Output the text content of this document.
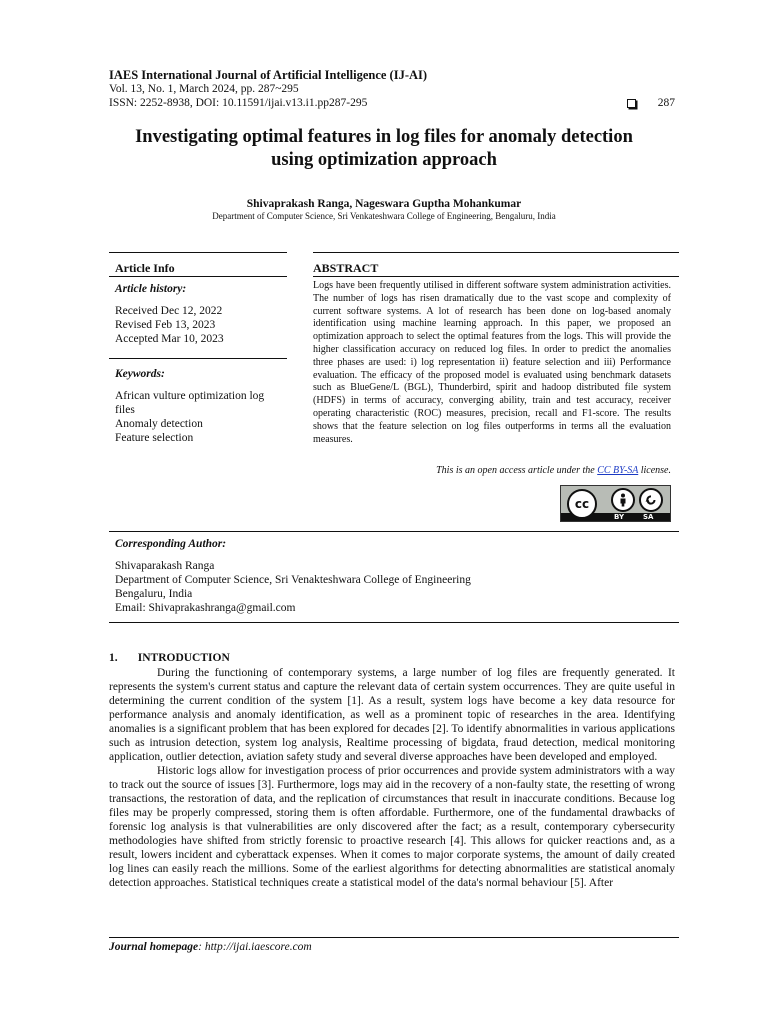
IAES International Journal of Artificial Intelligence (IJ-AI)
Vol. 13, No. 1, March 2024, pp. 287~295
ISSN: 2252-8938, DOI: 10.11591/ijai.v13.i1.pp287-295	287
Investigating optimal features in log files for anomaly detection
using optimization approach
Shivaprakash Ranga, Nageswara Guptha Mohankumar
Department of Computer Science, Sri Venkateshwara College of Engineering, Bengaluru, India
Article Info	ABSTRACT
Article history:
Received Dec 12, 2022
Revised Feb 13, 2023
Accepted Mar 10, 2023
Keywords:
African vulture optimization log
files
Anomaly detection
Feature selection
Logs have been frequently utilised in different software system administration activities. The number of logs has risen dramatically due to the vast scope and complexity of current software systems. A lot of research has been done on log-based anomaly identification using machine learning approach. In this paper, we proposed an optimization approach to select the optimal features from the logs. This will provide the higher classification accuracy on reduced log files. In order to predict the anomalies three phases are used: i) log representation ii) feature selection and iii) Performance evaluation. The efficacy of the proposed model is evaluated using benchmark datasets such as BlueGene/L (BGL), Thunderbird, spirit and hadoop distributed file system (HDFS) in terms of accuracy, converging ability, train and test accuracy, receiver operating characteristic (ROC) measures, precision, recall and F1-score. The results shows that the feature selection on log files outperforms in terms all the evaluation measures.
This is an open access article under the CC BY-SA license.
cc
BY	SA
Corresponding Author:
Shivaparakash Ranga
Department of Computer Science, Sri Venakteshwara College of Engineering
Bengaluru, India
Email: Shivaprakashranga@gmail.com
1.       INTRODUCTION

During the functioning of contemporary systems, a large number of log files are frequently generated. It represents the system's current status and capture the relevant data of certain system occurrences. They are quite useful in determining the current condition of the system [1]. As a result, system logs have become a key data resource for performance analysis and anomaly identification, as well as a prominent topic of researches in the area. Identifying anomalies is a significant problem that has been explored for decades [2]. To identify abnormalities in various applications such as intrusion detection, system log analysis, Realtime processing of bigdata, fraud detection, medical monitoring application, outlier detection, aviation safety study and several diverse approaches have been developed and employed.

Historic logs allow for investigation process of prior occurrences and provide system administrators with a way to track out the source of issues [3]. Furthermore, logs may aid in the recovery of a non-faulty state, the resetting of wrong transactions, the restoration of data, and the replication of circumstances that result in inaccurate conditions. Because log files may be properly compressed, storing them is often affordable. Furthermore, one of the fundamental drawbacks of forensic log analysis is that vulnerabilities are only discovered after the fact; as a result, contemporary cybersecurity methodologies have shifted from strictly forensic to proactive research [4]. This allows for quicker reactions and, as a result, lowers incident and cyberattack expenses. When it comes to major corporate systems, the amount of daily created log lines can easily reach the millions. Some of the earliest algorithms for detecting abnormalities are statistical anomaly detection approaches. Statistical techniques create a statistical model of the data's normal behaviour [5]. After

Journal homepage: http://ijai.iaescore.com
